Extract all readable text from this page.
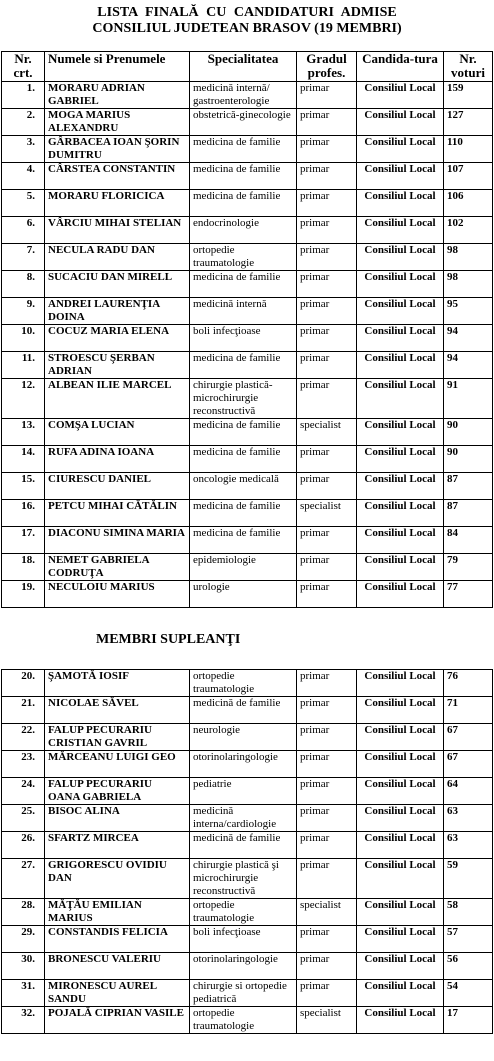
LISTA FINALĂ CU CANDIDATURI ADMISE
CONSILIUL JUDETEAN BRASOV (19 MEMBRI)
Nr. crt.	Numele si Prenumele	Specialitatea	Gradul profes.	Candida-tura	Nr. voturi
1.	MORARU ADRIAN GABRIEL	medicină internă/ gastroenterologie	primar	Consiliul Local	159
2.	MOGA MARIUS ALEXANDRU	obstetrică-ginecologie	primar	Consiliul Local	127
3.	GÂRBACEA IOAN ŞORIN DUMITRU	medicina de familie	primar	Consiliul Local	110
4.	CÂRSTEA CONSTANTIN	medicina de familie	primar	Consiliul Local	107
5.	MORARU FLORICICA	medicina de familie	primar	Consiliul Local	106
6.	VÂRCIU MIHAI STELIAN	endocrinologie	primar	Consiliul Local	102
7.	NECULA RADU DAN	ortopedie traumatologie	primar	Consiliul Local	98
8.	SUCACIU DAN MIRELL	medicina de familie	primar	Consiliul Local	98
9.	ANDREI LAURENŢIA DOINA	medicină internă	primar	Consiliul Local	95
10.	COCUZ MARIA ELENA	boli infecţioase	primar	Consiliul Local	94
11.	STROESCU ŞERBAN ADRIAN	medicina de familie	primar	Consiliul Local	94
12.	ALBEAN ILIE MARCEL	chirurgie plastică-microchirurgie reconstructivă	primar	Consiliul Local	91
13.	COMŞA LUCIAN	medicina de familie	specialist	Consiliul Local	90
14.	RUFA ADINA IOANA	medicina de familie	primar	Consiliul Local	90
15.	CIURESCU DANIEL	oncologie medicală	primar	Consiliul Local	87
16.	PETCU MIHAI CĂTĂLIN	medicina de familie	specialist	Consiliul Local	87
17.	DIACONU SIMINA MARIA	medicina de familie	primar	Consiliul Local	84
18.	NEMET GABRIELA CODRUŢA	epidemiologie	primar	Consiliul Local	79
19.	NECULOIU MARIUS	urologie	primar	Consiliul Local	77
MEMBRI SUPLEANŢI
20.	ŞAMOTĂ IOSIF	ortopedie traumatologie	primar	Consiliul Local	76
21.	NICOLAE SĂVEL	medicină de familie	primar	Consiliul Local	71
22.	FALUP PECURARIU CRISTIAN GAVRIL	neurologie	primar	Consiliul Local	67
23.	MĂRCEANU LUIGI GEO	otorinolaringologie	primar	Consiliul Local	67
24.	FALUP PECURARIU OANA GABRIELA	pediatrie	primar	Consiliul Local	64
25.	BISOC ALINA	medicină interna/cardiologie	primar	Consiliul Local	63
26.	SFARTZ MIRCEA	medicină de familie	primar	Consiliul Local	63
27.	GRIGORESCU OVIDIU DAN	chirurgie plastică şi microchirurgie reconstructivă	primar	Consiliul Local	59
28.	MĂŢĂU EMILIAN MARIUS	ortopedie traumatologie	specialist	Consiliul Local	58
29.	CONSTANDIS FELICIA	boli infecţioase	primar	Consiliul Local	57
30.	BRONESCU VALERIU	otorinolaringologie	primar	Consiliul Local	56
31.	MIRONESCU AUREL SANDU	chirurgie si ortopedie pediatrică	primar	Consiliul Local	54
32.	POJALĂ CIPRIAN VASILE	ortopedie traumatologie	specialist	Consiliul Local	17
